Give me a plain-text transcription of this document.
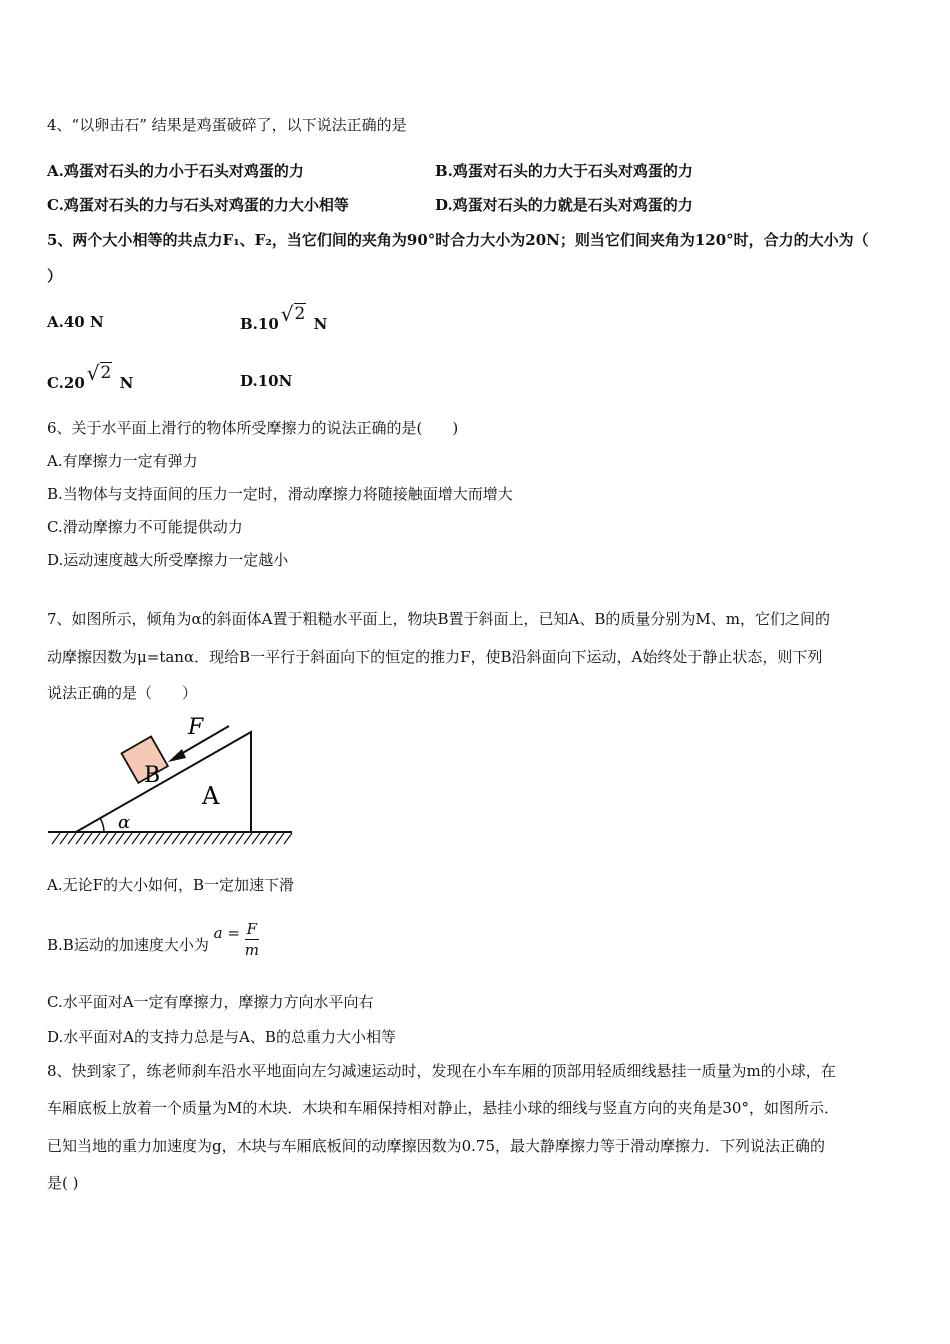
4、“以卵击石” 结果是鸡蛋破碎了，以下说法正确的是
A.鸡蛋对石头的力小于石头对鸡蛋的力	B.鸡蛋对石头的力大于石头对鸡蛋的力
C.鸡蛋对石头的力与石头对鸡蛋的力大小相等	D.鸡蛋对石头的力就是石头对鸡蛋的力
5、两个大小相等的共点力F₁、F₂，当它们间的夹角为90°时合力大小为20N；则当它们间夹角为120°时，合力的大小为（
）
A.40 N	B.10 √2 N
C.20 √2 N	D.10N
6、关于水平面上滑行的物体所受摩擦力的说法正确的是(　　)
A.有摩擦力一定有弹力
B.当物体与支持面间的压力一定时，滑动摩擦力将随接触面增大而增大
C.滑动摩擦力不可能提供动力
D.运动速度越大所受摩擦力一定越小
7、如图所示，倾角为α的斜面体A置于粗糙水平面上，物块B置于斜面上，已知A、B的质量分别为M、m，它们之间的
动摩擦因数为μ=tanα．现给B一平行于斜面向下的恒定的推力F，使B沿斜面向下运动，A始终处于静止状态，则下列
说法正确的是（　　）
α
B
A
F
A.无论F的大小如何，B一定加速下滑
B.B运动的加速度大小为 $a = \frac{F}{m}$
C.水平面对A一定有摩擦力，摩擦力方向水平向右
D.水平面对A的支持力总是与A、B的总重力大小相等
8、快到家了，练老师刹车沿水平地面向左匀减速运动时，发现在小车车厢的顶部用轻质细线悬挂一质量为m的小球，在
车厢底板上放着一个质量为M的木块．木块和车厢保持相对静止，悬挂小球的细线与竖直方向的夹角是30°，如图所示．
已知当地的重力加速度为g，木块与车厢底板间的动摩擦因数为0.75，最大静摩擦力等于滑动摩擦力．下列说法正确的
是( )
